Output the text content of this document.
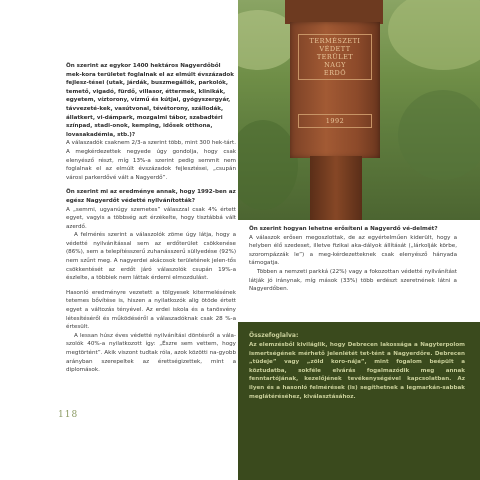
TERMÉSZETI
VÉDETT
TERÜLET
NAGY
ERDŐ
1992

Ön szerint az egykor 1400 hektáros Nagyerdőből mek-kora területet foglalnak el az elmúlt évszázadok fejlesz-tései (utak, járdák, buszmegállók, parkolók, temető, vigadó, fürdő, villasor, éttermek, klinikák, egyetem, víztorony, vízmű és kútjai, gyógyszergyár, távvezeté-kek, vasútvonal, tévétorony, szállodák, állatkert, vi-dámpark, mozgalmi tábor, szabadtéri színpad, stadi-onok, kemping, idősek otthona, lovasakadémia, stb.)?

A válaszadók csaknem 2/3-a szerint több, mint 300 hek-tárt. A megkérdezettek negyede úgy gondolja, hogy csak elenyésző részt, míg 13%-a szerint pedig semmit nem foglalnak el az elmúlt évszázadok fejlesztései, „csupán városi parkerdővé vált a Nagyerdő”.

Ön szerint mi az eredménye annak, hogy 1992-ben az egész Nagyerdőt védetté nyilvánították?

A „semmi, ugyanúgy szemetes” válaszzal csak 4% értett egyet, vagyis a többség azt érzékelte, hogy tisztábbá vált azerdő.

A felmérés szerint a válaszolók zöme úgy látja, hogy a védetté nyilvánítással sem az erdőterület csökkenése (86%), sem a telepítésszerű zuhanásszerű süllyedése (92%) nem szűnt meg. A nagyerdei akácosok területének jelen-tős csökkentését az erdőt járó válaszolók csupán 19%-a észlelte, a többiek nem láttak érdemi elmozdulást.

Hasonló eredményre vezetett a tölgyesek kitermelésének tetemes bővítése is, hiszen a nyilatkozók alig ötöde értett egyet a változás tényével. Az erdei iskola és a tanösvény létesítéséről és működéséről a válaszadóknak csak 28 %-a értesült.

A lessan húsz éves védetté nyilvánítási döntésről a vála-szolók 40%-a nyilatkozott így: „Észre sem vettem, hogy megtörtént”. Akik viszont tudtak róla, azok közötti na-gyobb arányban szerepeltek az érettségizettek, mint a diplomások.

118

Ön szerint hogyan lehetne erősíteni a Nagyerdő vé-delmét?

A válaszok erősen megoszlottak, de az egyértelműen kiderült, hogy a helyben élő szedeset, illetve fizikai aka-dályok állítását („lárkolják körbe, szorompázzák le”) a meg-kérdezetteknek csak elenyésző hányada támogatja.

Többen a nemzeti parkká (22%) vagy a fokozottan védetté nyilvánítást látják jó iránynak, míg mások (33%) több erdészt szeretnének látni a Nagyerdőben.

Összefoglalva:

Az elemzésből kiviláglik, hogy Debrecen lakossága a Nagyterpolom ismertségének mérhető jelenlétét tet-tént a Nagyerdőre. Debrecen „tüdeje” vagy „zöld koro-nája”, mint fogalom beépült a köztudatba, sokféle elvárás fogalmazódik meg annak fenntartójának, kezelőjének tevékenységével kapcsolatban. Az ilyen és a hasonló felmérések (is) segíthetnek a legmarkán-sabbak meglátéréséhez, kiválasztásához.
